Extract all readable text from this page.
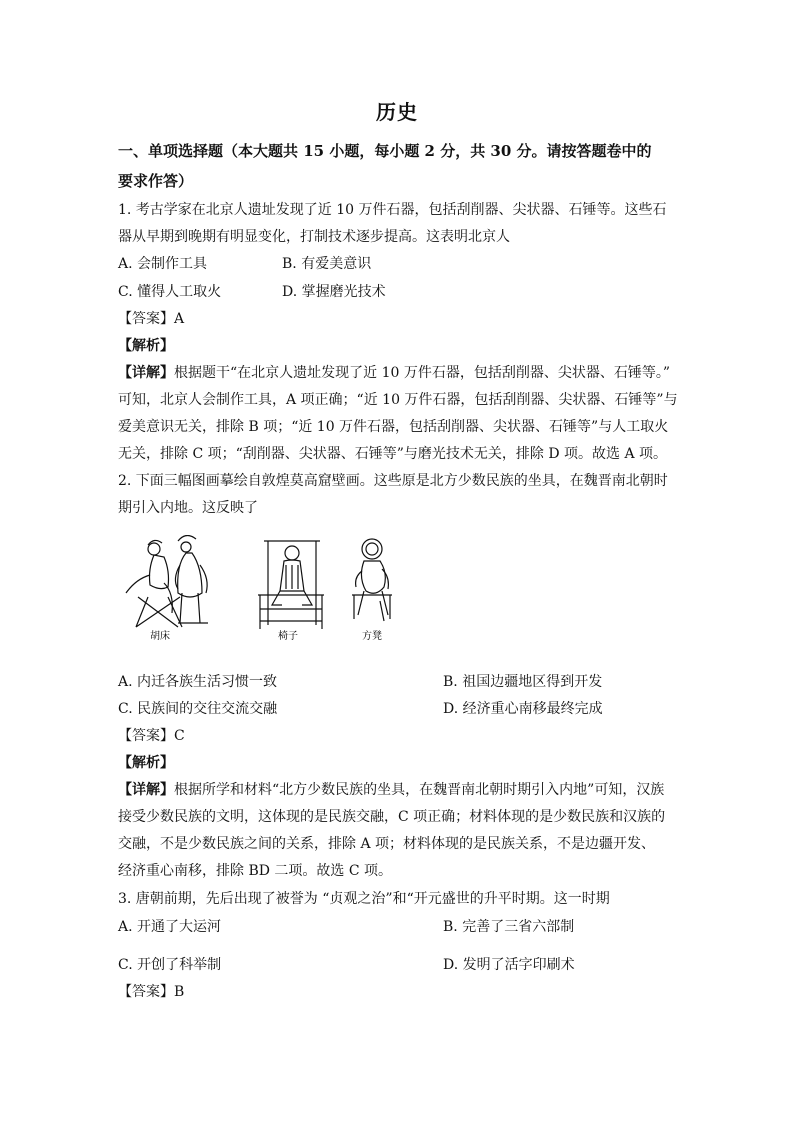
历史
一、单项选择题（本大题共 15 小题，每小题 2 分，共 30 分。请按答题卷中的
要求作答）
1. 考古学家在北京人遗址发现了近 10 万件石器，包括刮削器、尖状器、石锤等。这些石
器从早期到晚期有明显变化，打制技术逐步提高。这表明北京人
A. 会制作工具	B. 有爱美意识
C. 懂得人工取火	D. 掌握磨光技术
【答案】A
【解析】
【详解】根据题干“在北京人遗址发现了近 10 万件石器，包括刮削器、尖状器、石锤等。”
可知，北京人会制作工具，A 项正确；“近 10 万件石器，包括刮削器、尖状器、石锤等”与
爱美意识无关，排除 B 项；“近 10 万件石器，包括刮削器、尖状器、石锤等”与人工取火
无关，排除 C 项；“刮削器、尖状器、石锤等”与磨光技术无关，排除 D 项。故选 A 项。
2. 下面三幅图画摹绘自敦煌莫高窟壁画。这些原是北方少数民族的坐具，在魏晋南北朝时
期引入内地。这反映了
胡床	椅子	方凳
A. 内迁各族生活习惯一致	B. 祖国边疆地区得到开发
C. 民族间的交往交流交融	D. 经济重心南移最终完成
【答案】C
【解析】
【详解】根据所学和材料“北方少数民族的坐具，在魏晋南北朝时期引入内地”可知，汉族
接受少数民族的文明，这体现的是民族交融，C 项正确；材料体现的是少数民族和汉族的
交融，不是少数民族之间的关系，排除 A 项；材料体现的是民族关系，不是边疆开发、
经济重心南移，排除 BD 二项。故选 C 项。
3. 唐朝前期，先后出现了被誉为 “贞观之治”和“开元盛世的升平时期。这一时期
A. 开通了大运河	B. 完善了三省六部制
C. 开创了科举制	D. 发明了活字印刷术
【答案】B
